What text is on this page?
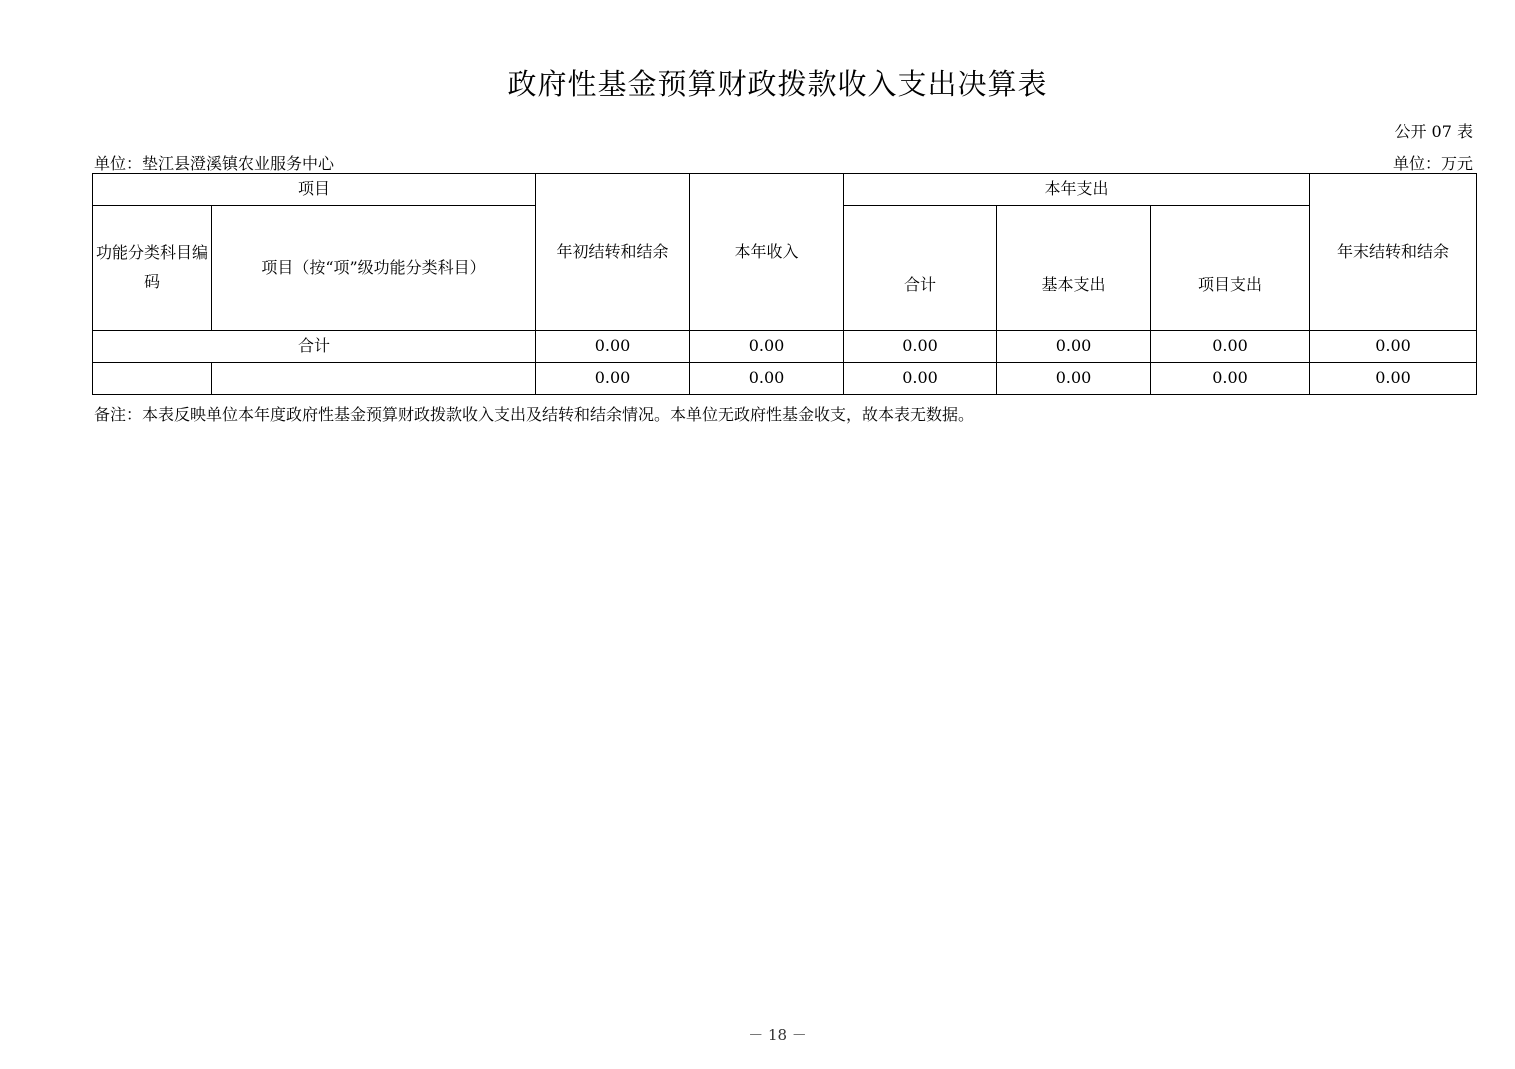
政府性基金预算财政拨款收入支出决算表
公开 07 表
单位：垫江县澄溪镇农业服务中心	单位：万元
项目		年初结转和结余	本年收入	本年支出			年末结转和结余
功能分类科目编码	项目（按“项”级功能分类科目）			合计	基本支出	项目支出	
合计		0.00	0.00	0.00	0.00	0.00	0.00
		0.00	0.00	0.00	0.00	0.00	0.00
备注：本表反映单位本年度政府性基金预算财政拨款收入支出及结转和结余情况。本单位无政府性基金收支，故本表无数据。
－ 18 －
